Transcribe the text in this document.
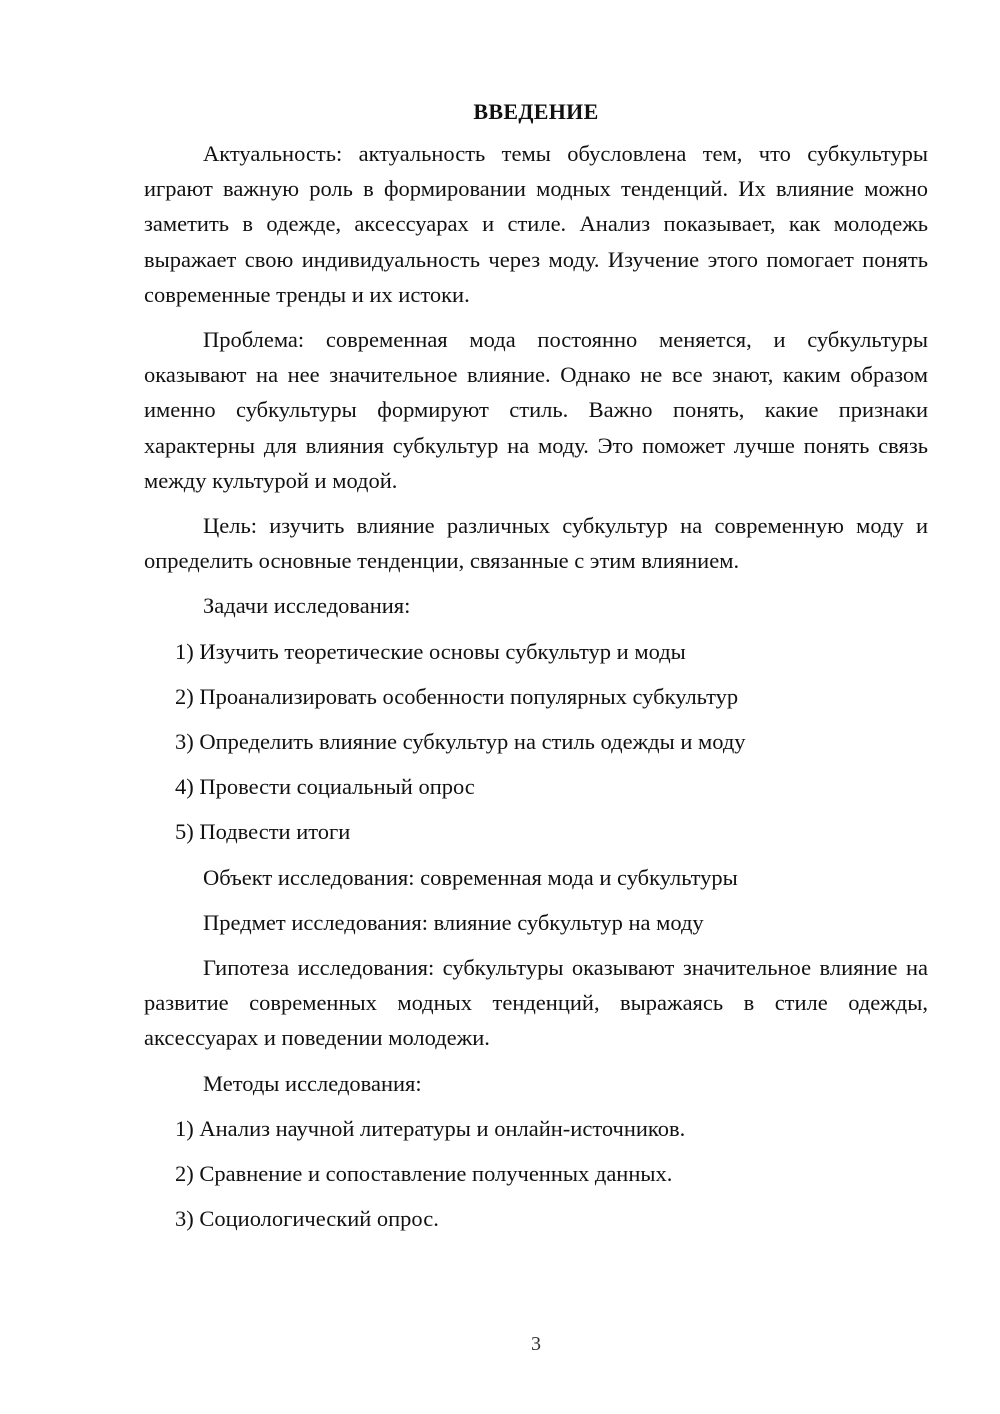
ВВЕДЕНИЕ

Актуальность: актуальность темы обусловлена тем, что субкультуры играют важную роль в формировании модных тенденций. Их влияние можно заметить в одежде, аксессуарах и стиле. Анализ показывает, как молодежь выражает свою индивидуальность через моду. Изучение этого помогает понять современные тренды и их истоки.

Проблема: современная мода постоянно меняется, и субкультуры оказывают на нее значительное влияние. Однако не все знают, каким образом именно субкультуры формируют стиль. Важно понять, какие признаки характерны для влияния субкультур на моду. Это поможет лучше понять связь между культурой и модой.

Цель: изучить влияние различных субкультур на современную моду и определить основные тенденции, связанные с этим влиянием.

Задачи исследования:

1) Изучить теоретические основы субкультур и моды
2) Проанализировать особенности популярных субкультур
3) Определить влияние субкультур на стиль одежды и моду
4) Провести социальный опрос
5) Подвести итоги

Объект исследования: современная мода и субкультуры

Предмет исследования: влияние субкультур на моду

Гипотеза исследования: субкультуры оказывают значительное влияние на развитие современных модных тенденций, выражаясь в стиле одежды, аксессуарах и поведении молодежи.

Методы исследования:

1) Анализ научной литературы и онлайн-источников.
2) Сравнение и сопоставление полученных данных.
3) Социологический опрос.
3
